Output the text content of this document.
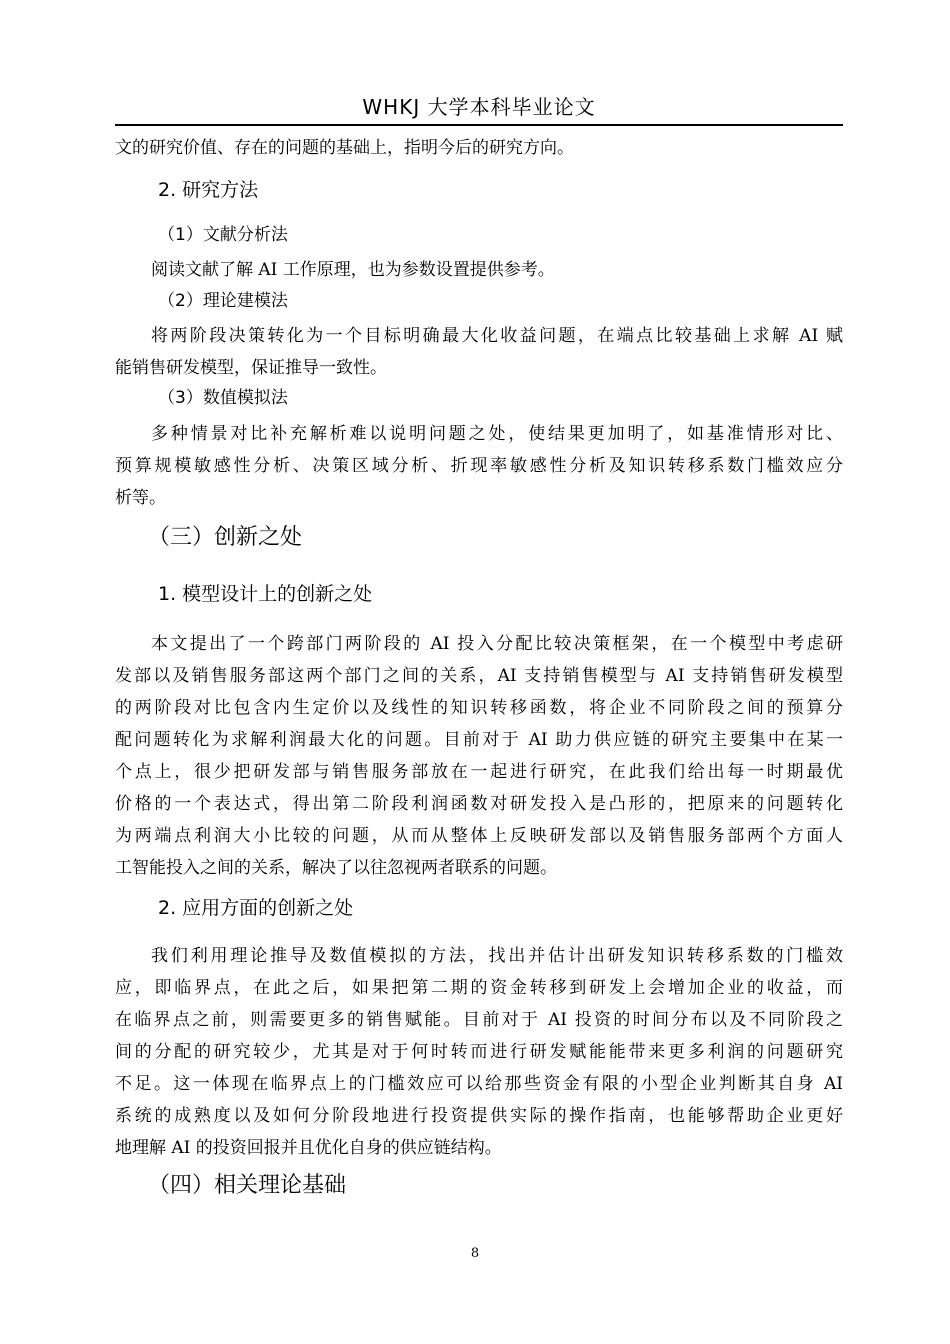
WHKJ 大学本科毕业论文
文的研究价值、存在的问题的基础上，指明今后的研究方向。
2. 研究方法
（1）文献分析法
阅读文献了解 AI 工作原理，也为参数设置提供参考。
（2）理论建模法
将两阶段决策转化为一个目标明确最大化收益问题，在端点比较基础上求解 AI 赋
能销售研发模型，保证推导一致性。
（3）数值模拟法
多种情景对比补充解析难以说明问题之处，使结果更加明了，如基准情形对比、
预算规模敏感性分析、决策区域分析、折现率敏感性分析及知识转移系数门槛效应分
析等。
（三）创新之处
1. 模型设计上的创新之处
本文提出了一个跨部门两阶段的 AI 投入分配比较决策框架，在一个模型中考虑研
发部以及销售服务部这两个部门之间的关系，AI 支持销售模型与 AI 支持销售研发模型
的两阶段对比包含内生定价以及线性的知识转移函数，将企业不同阶段之间的预算分
配问题转化为求解利润最大化的问题。目前对于 AI 助力供应链的研究主要集中在某一
个点上，很少把研发部与销售服务部放在一起进行研究，在此我们给出每一时期最优
价格的一个表达式，得出第二阶段利润函数对研发投入是凸形的，把原来的问题转化
为两端点利润大小比较的问题，从而从整体上反映研发部以及销售服务部两个方面人
工智能投入之间的关系，解决了以往忽视两者联系的问题。
2. 应用方面的创新之处
我们利用理论推导及数值模拟的方法，找出并估计出研发知识转移系数的门槛效
应，即临界点，在此之后，如果把第二期的资金转移到研发上会增加企业的收益，而
在临界点之前，则需要更多的销售赋能。目前对于 AI 投资的时间分布以及不同阶段之
间的分配的研究较少，尤其是对于何时转而进行研发赋能能带来更多利润的问题研究
不足。这一体现在临界点上的门槛效应可以给那些资金有限的小型企业判断其自身 AI
系统的成熟度以及如何分阶段地进行投资提供实际的操作指南，也能够帮助企业更好
地理解 AI 的投资回报并且优化自身的供应链结构。
（四）相关理论基础
8
